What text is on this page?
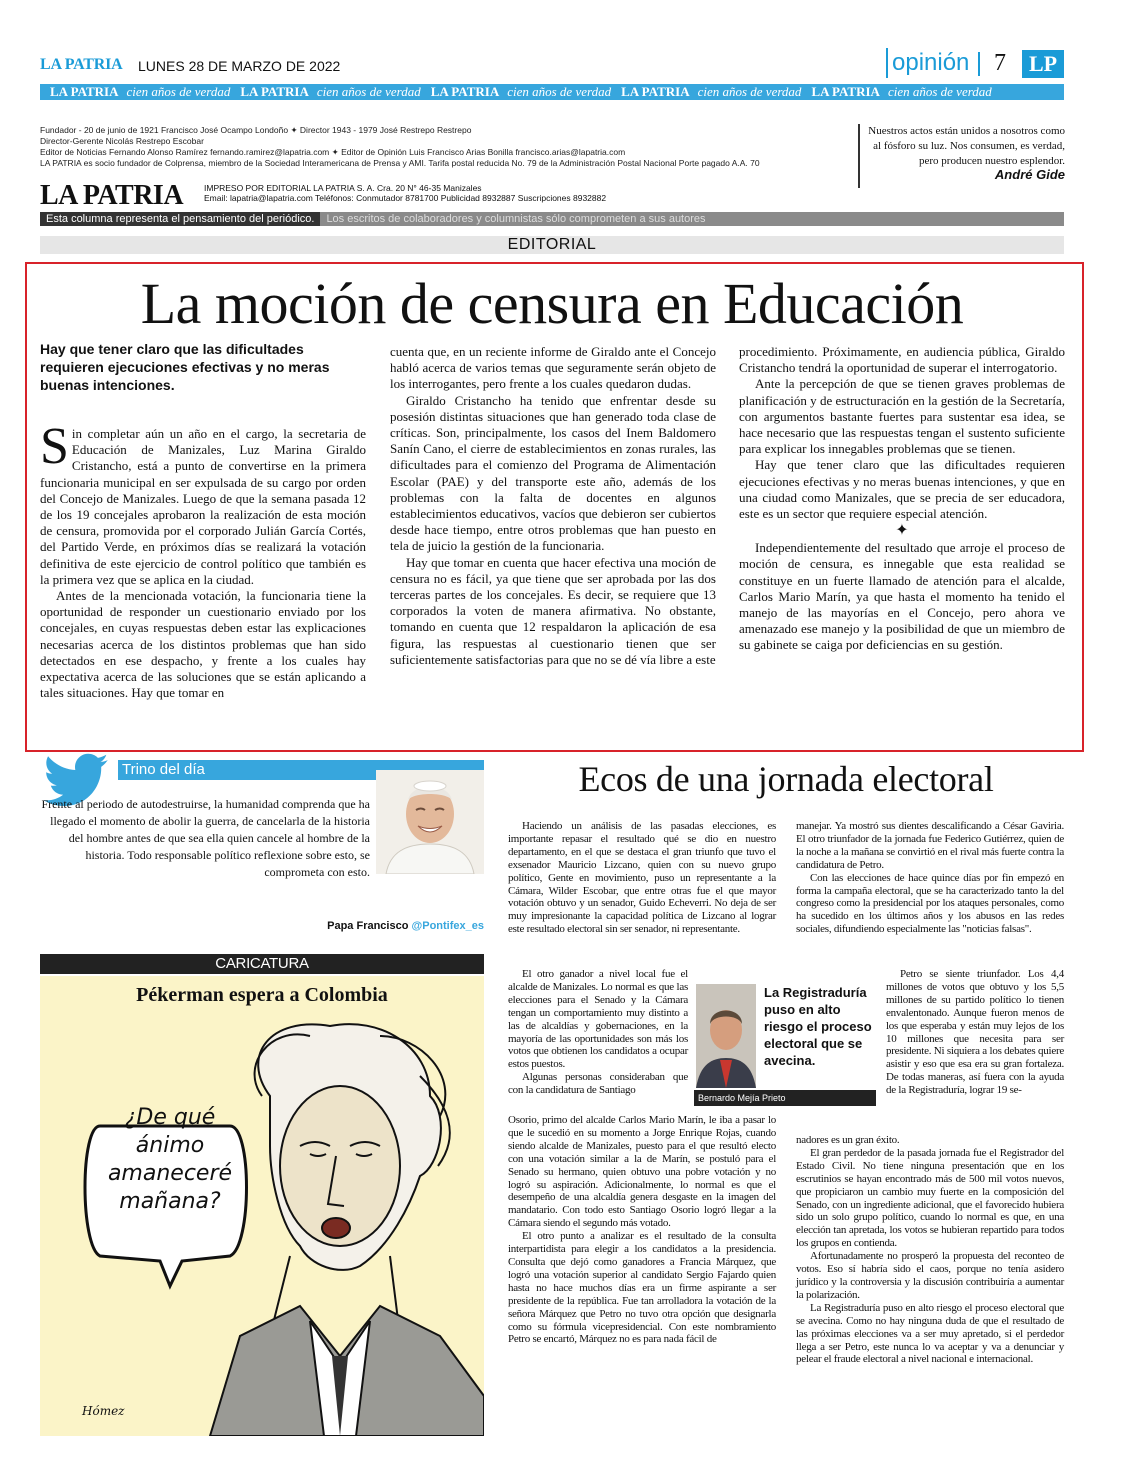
LA PATRIA LUNES 28 DE MARZO DE 2022	opinión 7	LP
LA PATRIA cien años de verdad LA PATRIA cien años de verdad LA PATRIA cien años de verdad LA PATRIA cien años de verdad LA PATRIA cien años de verdad
Fundador - 20 de junio de 1921 Francisco José Ocampo Londoño ✦ Director 1943 - 1979 José Restrepo Restrepo
Director-Gerente Nicolás Restrepo Escobar
Editor de Noticias Fernando Alonso Ramírez fernando.ramirez@lapatria.com ✦ Editor de Opinión Luis Francisco Arias Bonilla francisco.arias@lapatria.com
LA PATRIA es socio fundador de Colprensa, miembro de la Sociedad Interamericana de Prensa y AMI. Tarifa postal reducida No. 79 de la Administración Postal Nacional Porte pagado A.A. 70
LA PATRIA IMPRESO POR EDITORIAL LA PATRIA S. A. Cra. 20 N° 46-35 Manizales
Email: lapatria@lapatria.com Teléfonos: Conmutador 8781700 Publicidad 8932887 Suscripciones 8932882
Nuestros actos están unidos a nosotros como al fósforo su luz. Nos consumen, es verdad, pero producen nuestro esplendor.
André Gide
Esta columna representa el pensamiento del periódico.	Los escritos de colaboradores y columnistas sólo comprometen a sus autores
EDITORIAL
La moción de censura en Educación
Hay que tener claro que las dificultades requieren ejecuciones efectivas y no meras buenas intenciones.

Sin completar aún un año en el cargo, la secretaria de Educación de Manizales, Luz Marina Giraldo Cristancho, está a punto de convertirse en la primera funcionaria municipal en ser expulsada de su cargo por orden del Concejo de Manizales. Luego de que la semana pasada 12 de los 19 concejales aprobaron la realización de esta moción de censura, promovida por el corporado Julián García Cortés, del Partido Verde, en próximos días se realizará la votación definitiva de este ejercicio de control político que también es la primera vez que se aplica en la ciudad.

Antes de la mencionada votación, la funcionaria tiene la oportunidad de responder un cuestionario enviado por los concejales, en cuyas respuestas deben estar las explicaciones necesarias acerca de los distintos problemas que han sido detectados en ese despacho, y frente a los cuales hay expectativa acerca de las soluciones que se están aplicando a tales situaciones. Hay que tomar en

cuenta que, en un reciente informe de Giraldo ante el Concejo habló acerca de varios temas que seguramente serán objeto de los interrogantes, pero frente a los cuales quedaron dudas.

Giraldo Cristancho ha tenido que enfrentar desde su posesión distintas situaciones que han generado toda clase de críticas. Son, principalmente, los casos del Inem Baldomero Sanín Cano, el cierre de establecimientos en zonas rurales, las dificultades para el comienzo del Programa de Alimentación Escolar (PAE) y del transporte este año, además de los problemas con la falta de docentes en algunos establecimientos educativos, vacíos que debieron ser cubiertos desde hace tiempo, entre otros problemas que han puesto en tela de juicio la gestión de la funcionaria.

Hay que tomar en cuenta que hacer efectiva una moción de censura no es fácil, ya que tiene que ser aprobada por las dos terceras partes de los concejales. Es decir, se requiere que 13 corporados la voten de manera afirmativa. No obstante, tomando en cuenta que 12 respaldaron la aplicación de esa figura, las respuestas al cuestionario tienen que ser suficientemente satisfactorias para que no se dé vía libre a este

procedimiento. Próximamente, en audiencia pública, Giraldo Cristancho tendrá la oportunidad de superar el interrogatorio.

Ante la percepción de que se tienen graves problemas de planificación y de estructuración en la gestión de la Secretaría, con argumentos bastante fuertes para sustentar esa idea, se hace necesario que las respuestas tengan el sustento suficiente para explicar los innegables problemas que se tienen.

Hay que tener claro que las dificultades requieren ejecuciones efectivas y no meras buenas intenciones, y que en una ciudad como Manizales, que se precia de ser educadora, este es un sector que requiere especial atención.

✦

Independientemente del resultado que arroje el proceso de moción de censura, es innegable que esta realidad se constituye en un fuerte llamado de atención para el alcalde, Carlos Mario Marín, ya que hasta el momento ha tenido el manejo de las mayorías en el Concejo, pero ahora ve amenazado ese manejo y la posibilidad de que un miembro de su gabinete se caiga por deficiencias en su gestión.

Trino del día
Frente al periodo de autodestruirse, la humanidad comprenda que ha llegado el momento de abolir la guerra, de cancelarla de la historia del hombre antes de que sea ella quien cancele al hombre de la historia. Todo responsable político reflexione sobre esto, se comprometa con esto.
Papa Francisco @Pontifex_es
CARICATURA
Pékerman espera a Colombia
¿De qué ánimo amaneceré mañana?
Hómez
Ecos de una jornada electoral

Haciendo un análisis de las pasadas elecciones, es importante repasar el resultado qué se dio en nuestro departamento, en el que se destaca el gran triunfo que tuvo el exsenador Mauricio Lizcano, quien con su nuevo grupo político, Gente en movimiento, puso un representante a la Cámara, Wilder Escobar, que entre otras fue el que mayor votación obtuvo y un senador, Guido Echeverri. No deja de ser muy impresionante la capacidad política de Lizcano al lograr este resultado electoral sin ser senador, ni representante.

El otro ganador a nivel local fue el alcalde de Manizales. Lo normal es que las elecciones para el Senado y la Cámara tengan un comportamiento muy distinto a las de alcaldías y gobernaciones, en la mayoría de las oportunidades son más los votos que obtienen los candidatos a ocupar estos puestos.

Algunas personas consideraban que con la candidatura de Santiago

Osorio, primo del alcalde Carlos Mario Marín, le iba a pasar lo que le sucedió en su momento a Jorge Enrique Rojas, cuando siendo alcalde de Manizales, puesto para el que resultó electo con una votación similar a la de Marín, se postuló para el Senado su hermano, quien obtuvo una pobre votación y no logró su aspiración. Adicionalmente, lo normal es que el desempeño de una alcaldía genera desgaste en la imagen del mandatario. Con todo esto Santiago Osorio logró llegar a la Cámara siendo el segundo más votado.

El otro punto a analizar es el resultado de la consulta interpartidista para elegir a los candidatos a la presidencia. Consulta que dejó como ganadores a Francia Márquez, que logró una votación superior al candidato Sergio Fajardo quien hasta no hace muchos días era un firme aspirante a ser presidente de la república. Fue tan arrolladora la votación de la señora Márquez que Petro no tuvo otra opción que designarla como su fórmula vicepresidencial. Con este nombramiento Petro se encartó, Márquez no es para nada fácil de

La Registraduría puso en alto riesgo el proceso electoral que se avecina.
Bernardo Mejía Prieto

manejar. Ya mostró sus dientes descalificando a César Gaviria. El otro triunfador de la jornada fue Federico Gutiérrez, quien de la noche a la mañana se convirtió en el rival más fuerte contra la candidatura de Petro.

Con las elecciones de hace quince días por fin empezó en forma la campaña electoral, que se ha caracterizado tanto la del congreso como la presidencial por los ataques personales, como ha sucedido en los últimos años y los abusos en las redes sociales, difundiendo especialmente las "noticias falsas".

Petro se siente triunfador. Los 4,4 millones de votos que obtuvo y los 5,5 millones de su partido político lo tienen envalentonado. Aunque fueron menos de los que esperaba y están muy lejos de los 10 millones que necesita para ser presidente. Ni siquiera a los debates quiere asistir y eso que esa era su gran fortaleza. De todas maneras, así fuera con la ayuda de la Registraduría, lograr 19 se-

nadores es un gran éxito.

El gran perdedor de la pasada jornada fue el Registrador del Estado Civil. No tiene ninguna presentación que en los escrutinios se hayan encontrado más de 500 mil votos nuevos, que propiciaron un cambio muy fuerte en la composición del Senado, con un ingrediente adicional, que el favorecido hubiera sido un solo grupo político, cuando lo normal es que, en una elección tan apretada, los votos se hubieran repartido para todos los grupos en contienda.

Afortunadamente no prosperó la propuesta del reconteo de votos. Eso sí habría sido el caos, porque no tenía asidero jurídico y la controversia y la discusión contribuiría a aumentar la polarización.

La Registraduría puso en alto riesgo el proceso electoral que se avecina. Como no hay ninguna duda de que el resultado de las próximas elecciones va a ser muy apretado, si el perdedor llega a ser Petro, este nunca lo va aceptar y va a denunciar y pelear el fraude electoral a nivel nacional e internacional.
